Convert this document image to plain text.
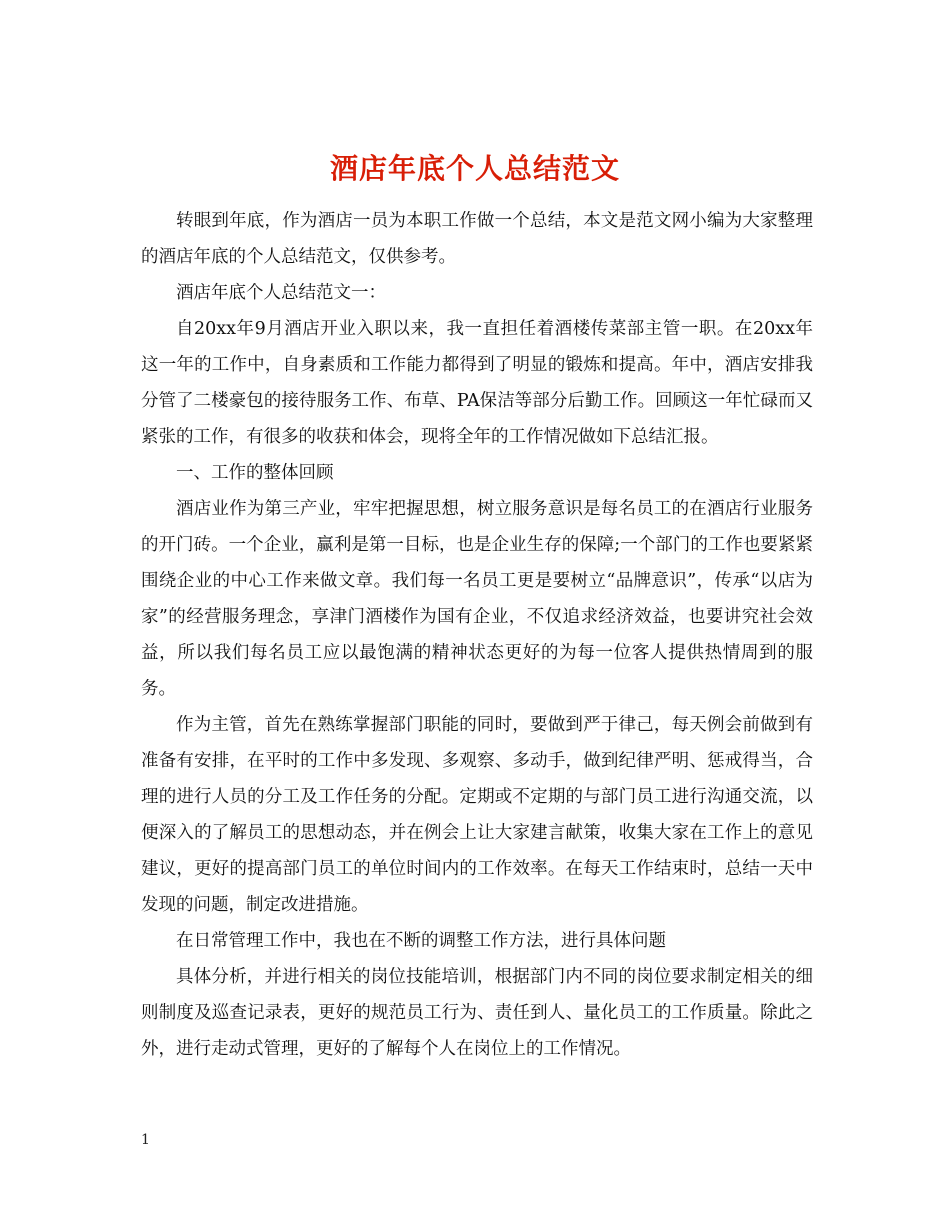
酒店年底个人总结范文

转眼到年底，作为酒店一员为本职工作做一个总结，本文是范文网小编为大家整理的酒店年底的个人总结范文，仅供参考。

酒店年底个人总结范文一：

自20xx年9月酒店开业入职以来，我一直担任着酒楼传菜部主管一职。在20xx年这一年的工作中，自身素质和工作能力都得到了明显的锻炼和提高。年中，酒店安排我分管了二楼豪包的接待服务工作、布草、PA保洁等部分后勤工作。回顾这一年忙碌而又紧张的工作，有很多的收获和体会，现将全年的工作情况做如下总结汇报。

一、工作的整体回顾

酒店业作为第三产业，牢牢把握思想，树立服务意识是每名员工的在酒店行业服务的开门砖。一个企业，赢利是第一目标，也是企业生存的保障;一个部门的工作也要紧紧围绕企业的中心工作来做文章。我们每一名员工更是要树立“品牌意识”，传承“以店为家”的经营服务理念，享津门酒楼作为国有企业，不仅追求经济效益，也要讲究社会效益，所以我们每名员工应以最饱满的精神状态更好的为每一位客人提供热情周到的服务。

作为主管，首先在熟练掌握部门职能的同时，要做到严于律己，每天例会前做到有准备有安排，在平时的工作中多发现、多观察、多动手，做到纪律严明、惩戒得当，合理的进行人员的分工及工作任务的分配。定期或不定期的与部门员工进行沟通交流，以便深入的了解员工的思想动态，并在例会上让大家建言献策，收集大家在工作上的意见建议，更好的提高部门员工的单位时间内的工作效率。在每天工作结束时，总结一天中发现的问题，制定改进措施。

在日常管理工作中，我也在不断的调整工作方法，进行具体问题

具体分析，并进行相关的岗位技能培训，根据部门内不同的岗位要求制定相关的细则制度及巡查记录表，更好的规范员工行为、责任到人、量化员工的工作质量。除此之外，进行走动式管理，更好的了解每个人在岗位上的工作情况。

1
